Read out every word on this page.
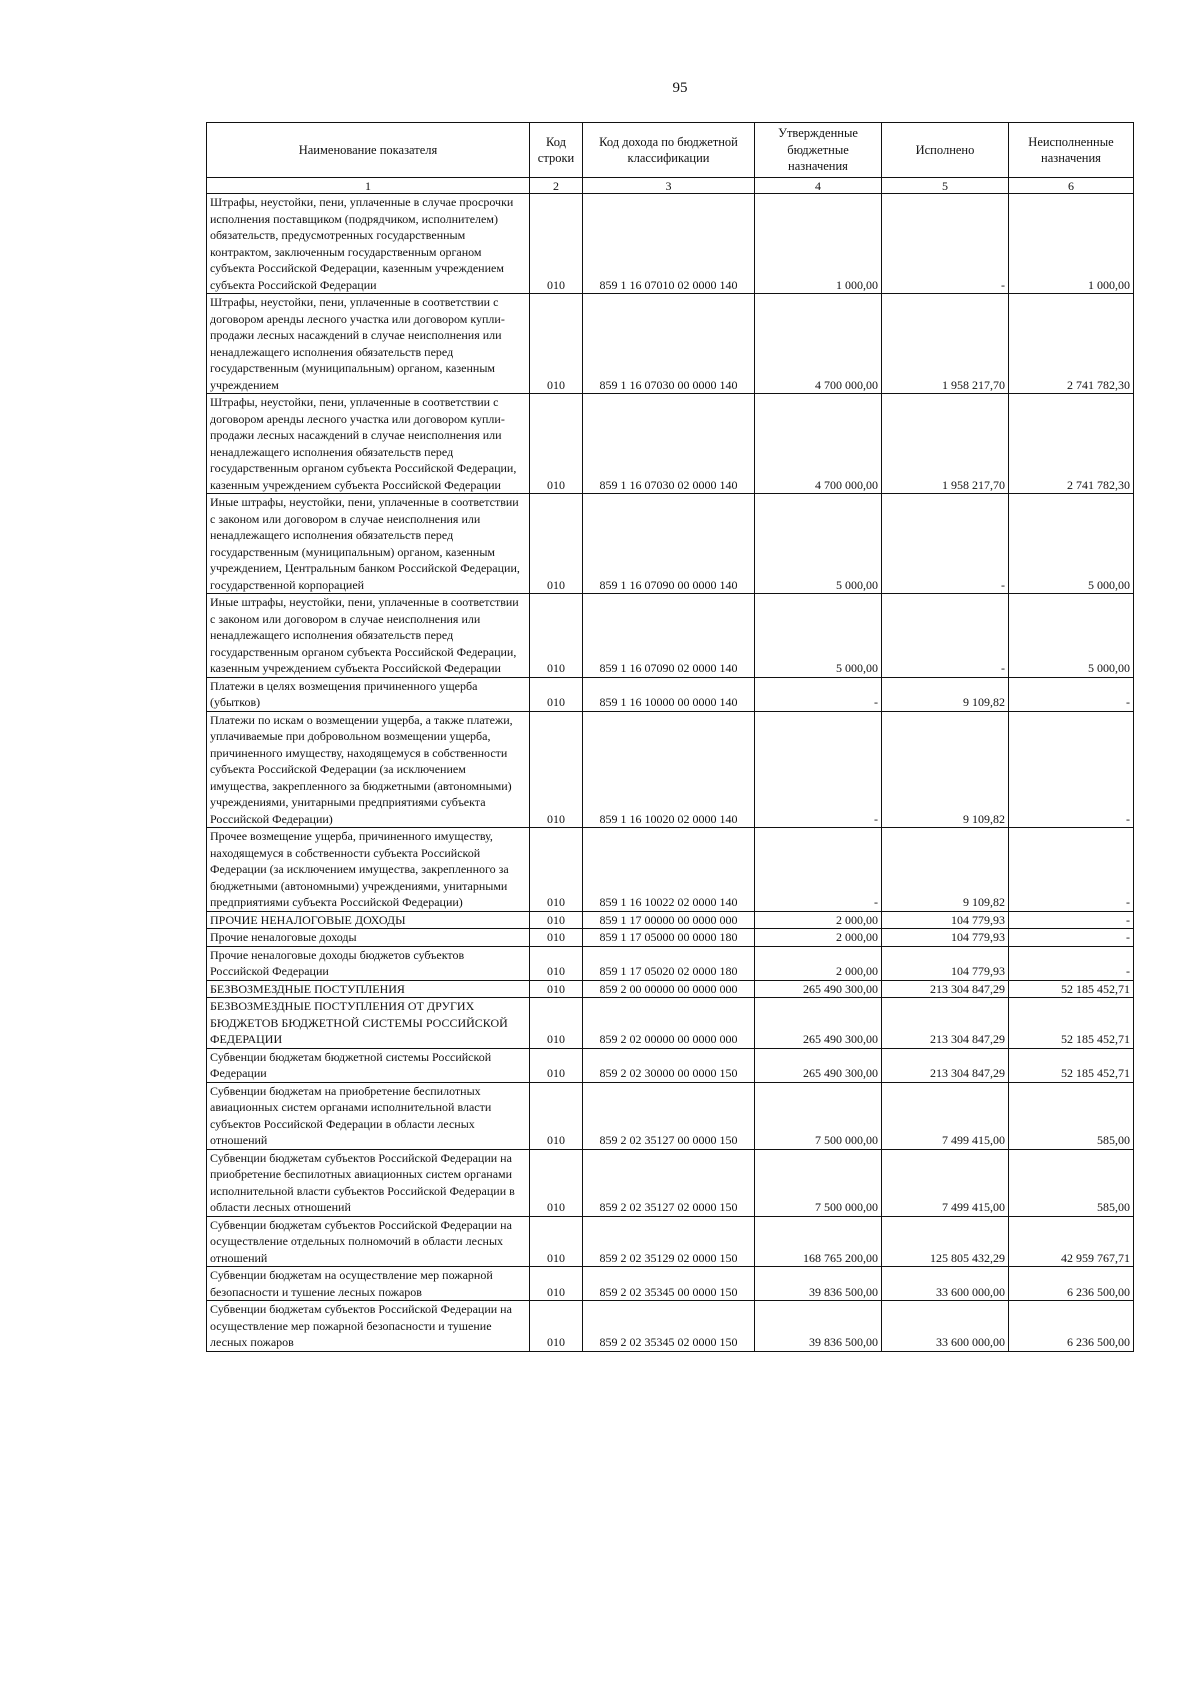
95
Наименование показателя	Код строки	Код дохода по бюджетной классификации	Утвержденные бюджетные назначения	Исполнено	Неисполненные назначения
1	2	3	4	5	6
Штрафы, неустойки, пени, уплаченные в случае просрочки исполнения поставщиком (подрядчиком, исполнителем) обязательств, предусмотренных государственным контрактом, заключенным государственным органом субъекта Российской Федерации, казенным учреждением субъекта Российской Федерации	010	859 1 16 07010 02 0000 140	1 000,00	-	1 000,00
Штрафы, неустойки, пени, уплаченные в соответствии с договором аренды лесного участка или договором купли-продажи лесных насаждений в случае неисполнения или ненадлежащего исполнения обязательств перед государственным (муниципальным) органом, казенным учреждением	010	859 1 16 07030 00 0000 140	4 700 000,00	1 958 217,70	2 741 782,30
Штрафы, неустойки, пени, уплаченные в соответствии с договором аренды лесного участка или договором купли-продажи лесных насаждений в случае неисполнения или ненадлежащего исполнения обязательств перед государственным органом субъекта Российской Федерации, казенным учреждением субъекта Российской Федерации	010	859 1 16 07030 02 0000 140	4 700 000,00	1 958 217,70	2 741 782,30
Иные штрафы, неустойки, пени, уплаченные в соответствии с законом или договором в случае неисполнения или ненадлежащего исполнения обязательств перед государственным (муниципальным) органом, казенным учреждением, Центральным банком Российской Федерации, государственной корпорацией	010	859 1 16 07090 00 0000 140	5 000,00	-	5 000,00
Иные штрафы, неустойки, пени, уплаченные в соответствии с законом или договором в случае неисполнения или ненадлежащего исполнения обязательств перед государственным органом субъекта Российской Федерации, казенным учреждением субъекта Российской Федерации	010	859 1 16 07090 02 0000 140	5 000,00	-	5 000,00
Платежи в целях возмещения причиненного ущерба (убытков)	010	859 1 16 10000 00 0000 140	-	9 109,82	-
Платежи по искам о возмещении ущерба, а также платежи, уплачиваемые при добровольном возмещении ущерба, причиненного имуществу, находящемуся в собственности субъекта Российской Федерации (за исключением имущества, закрепленного за бюджетными (автономными) учреждениями, унитарными предприятиями субъекта Российской Федерации)	010	859 1 16 10020 02 0000 140	-	9 109,82	-
Прочее возмещение ущерба, причиненного имуществу, находящемуся в собственности субъекта Российской Федерации (за исключением имущества, закрепленного за бюджетными (автономными) учреждениями, унитарными предприятиями субъекта Российской Федерации)	010	859 1 16 10022 02 0000 140	-	9 109,82	-
ПРОЧИЕ НЕНАЛОГОВЫЕ ДОХОДЫ	010	859 1 17 00000 00 0000 000	2 000,00	104 779,93	-
Прочие неналоговые доходы	010	859 1 17 05000 00 0000 180	2 000,00	104 779,93	-
Прочие неналоговые доходы бюджетов субъектов Российской Федерации	010	859 1 17 05020 02 0000 180	2 000,00	104 779,93	-
БЕЗВОЗМЕЗДНЫЕ ПОСТУПЛЕНИЯ	010	859 2 00 00000 00 0000 000	265 490 300,00	213 304 847,29	52 185 452,71
БЕЗВОЗМЕЗДНЫЕ ПОСТУПЛЕНИЯ ОТ ДРУГИХ БЮДЖЕТОВ БЮДЖЕТНОЙ СИСТЕМЫ РОССИЙСКОЙ ФЕДЕРАЦИИ	010	859 2 02 00000 00 0000 000	265 490 300,00	213 304 847,29	52 185 452,71
Субвенции бюджетам бюджетной системы Российской Федерации	010	859 2 02 30000 00 0000 150	265 490 300,00	213 304 847,29	52 185 452,71
Субвенции бюджетам на приобретение беспилотных авиационных систем органами исполнительной власти субъектов Российской Федерации в области лесных отношений	010	859 2 02 35127 00 0000 150	7 500 000,00	7 499 415,00	585,00
Субвенции бюджетам субъектов Российской Федерации на приобретение беспилотных авиационных систем органами исполнительной власти субъектов Российской Федерации в области лесных отношений	010	859 2 02 35127 02 0000 150	7 500 000,00	7 499 415,00	585,00
Субвенции бюджетам субъектов Российской Федерации на осуществление отдельных полномочий в области лесных отношений	010	859 2 02 35129 02 0000 150	168 765 200,00	125 805 432,29	42 959 767,71
Субвенции бюджетам на осуществление мер пожарной безопасности и тушение лесных пожаров	010	859 2 02 35345 00 0000 150	39 836 500,00	33 600 000,00	6 236 500,00
Субвенции бюджетам субъектов Российской Федерации на осуществление мер пожарной безопасности и тушение лесных пожаров	010	859 2 02 35345 02 0000 150	39 836 500,00	33 600 000,00	6 236 500,00
